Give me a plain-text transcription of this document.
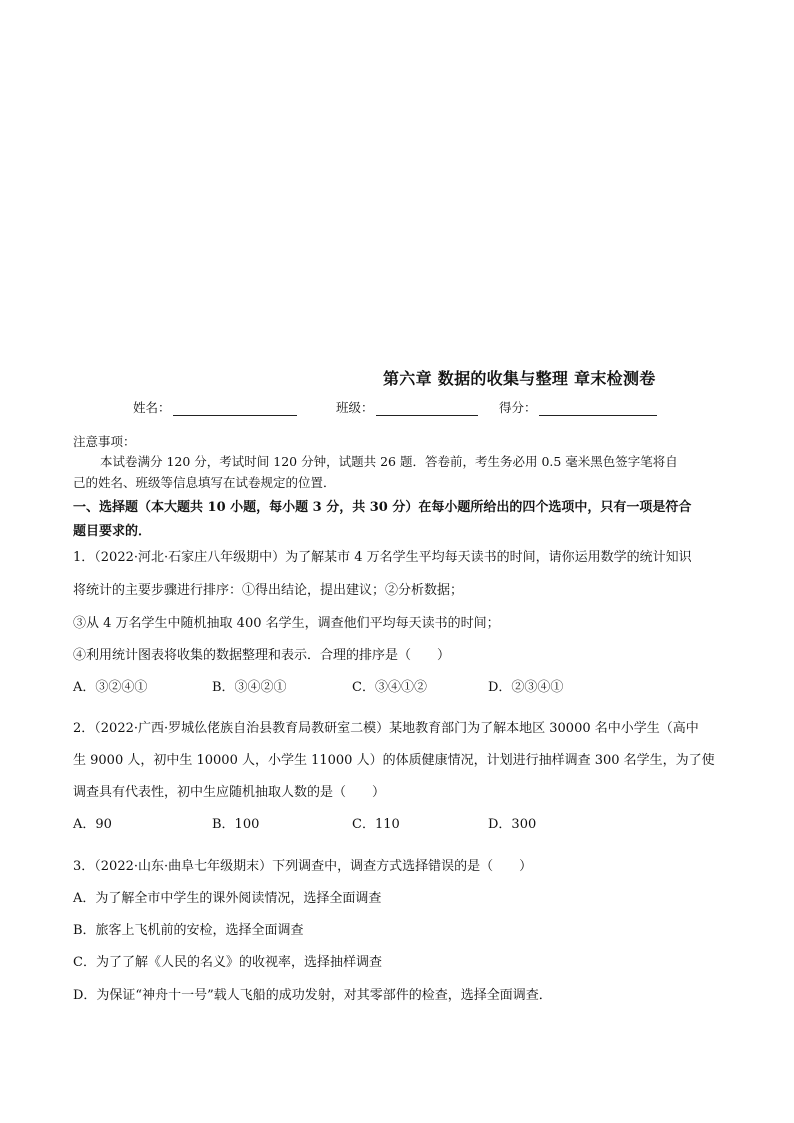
第六章 数据的收集与整理 章末检测卷
姓名：	班级：	得分：
注意事项：
本试卷满分 120 分，考试时间 120 分钟，试题共 26 题．答卷前，考生务必用 0.5 毫米黑色签字笔将自
己的姓名、班级等信息填写在试卷规定的位置．
一、选择题（本大题共 10 小题，每小题 3 分，共 30 分）在每小题所给出的四个选项中，只有一项是符合
题目要求的．
1．（2022·河北·石家庄八年级期中）为了解某市 4 万名学生平均每天读书的时间，请你运用数学的统计知识
将统计的主要步骤进行排序：①得出结论，提出建议；②分析数据；
③从 4 万名学生中随机抽取 400 名学生，调查他们平均每天读书的时间；
④利用统计图表将收集的数据整理和表示．合理的排序是（　　）
A．③②④①	B．③④②①	C．③④①②	D．②③④①
2．（2022·广西·罗城仫佬族自治县教育局教研室二模）某地教育部门为了解本地区 30000 名中小学生（高中
生 9000 人，初中生 10000 人，小学生 11000 人）的体质健康情况，计划进行抽样调查 300 名学生，为了使
调查具有代表性，初中生应随机抽取人数的是（　　）
A．90	B．100	C．110	D．300
3．（2022·山东·曲阜七年级期末）下列调查中，调查方式选择错误的是（　　）
A．为了解全市中学生的课外阅读情况，选择全面调查
B．旅客上飞机前的安检，选择全面调查
C．为了了解《人民的名义》的收视率，选择抽样调查
D．为保证“神舟十一号”载人飞船的成功发射，对其零部件的检查，选择全面调查．
